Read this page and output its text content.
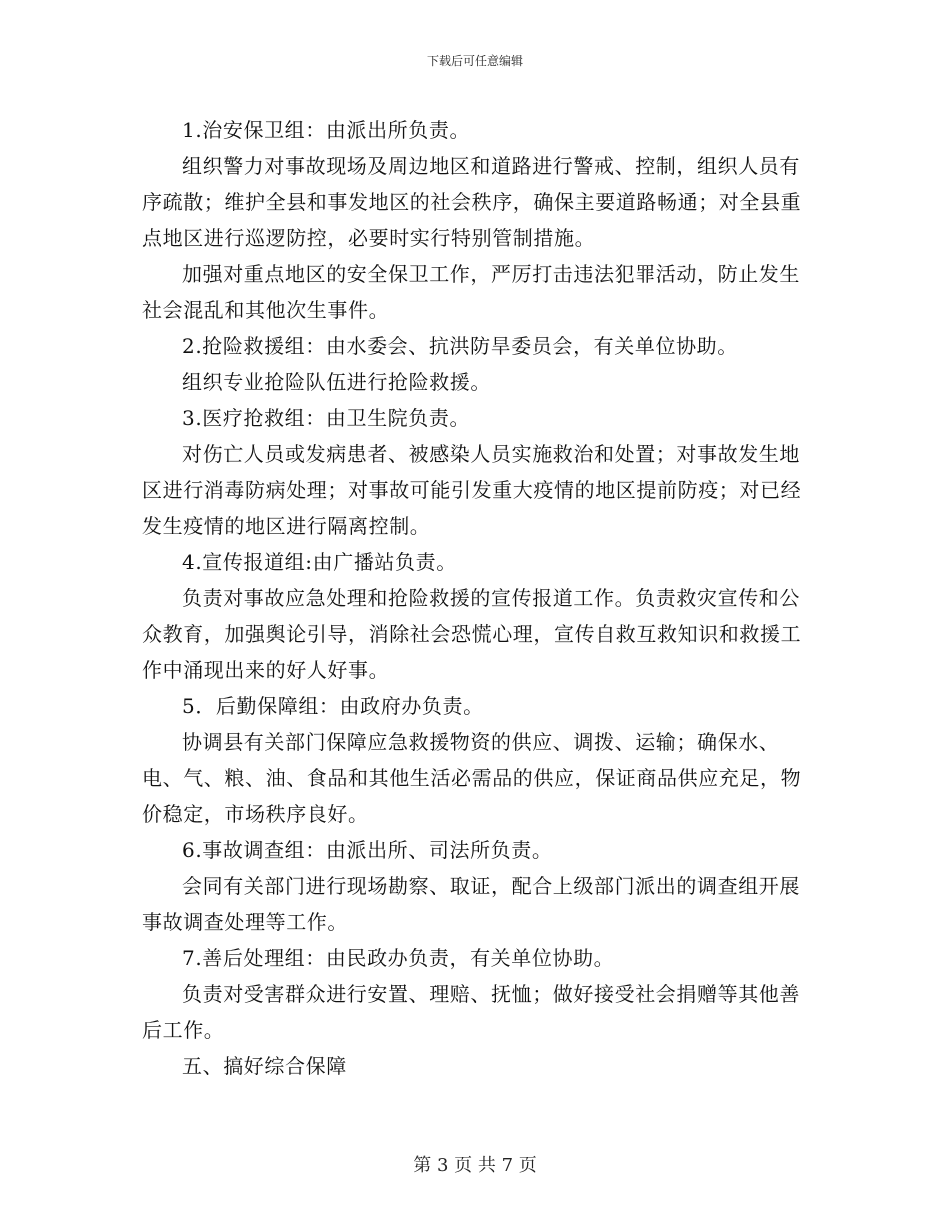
下载后可任意编辑

1.治安保卫组：由派出所负责。

组织警力对事故现场及周边地区和道路进行警戒、控制，组织人员有序疏散；维护全县和事发地区的社会秩序，确保主要道路畅通；对全县重点地区进行巡逻防控，必要时实行特别管制措施。

加强对重点地区的安全保卫工作，严厉打击违法犯罪活动，防止发生社会混乱和其他次生事件。

2.抢险救援组：由水委会、抗洪防旱委员会，有关单位协助。

组织专业抢险队伍进行抢险救援。

3.医疗抢救组：由卫生院负责。

对伤亡人员或发病患者、被感染人员实施救治和处置；对事故发生地区进行消毒防病处理；对事故可能引发重大疫情的地区提前防疫；对已经发生疫情的地区进行隔离控制。

4.宣传报道组:由广播站负责。

负责对事故应急处理和抢险救援的宣传报道工作。负责救灾宣传和公众教育，加强舆论引导，消除社会恐慌心理，宣传自救互救知识和救援工作中涌现出来的好人好事。

5．后勤保障组：由政府办负责。

协调县有关部门保障应急救援物资的供应、调拨、运输；确保水、电、气、粮、油、食品和其他生活必需品的供应，保证商品供应充足，物价稳定，市场秩序良好。

6.事故调查组：由派出所、司法所负责。

会同有关部门进行现场勘察、取证，配合上级部门派出的调查组开展事故调查处理等工作。

7.善后处理组：由民政办负责，有关单位协助。

负责对受害群众进行安置、理赔、抚恤；做好接受社会捐赠等其他善后工作。

五、搞好综合保障

第 3 页 共 7 页
